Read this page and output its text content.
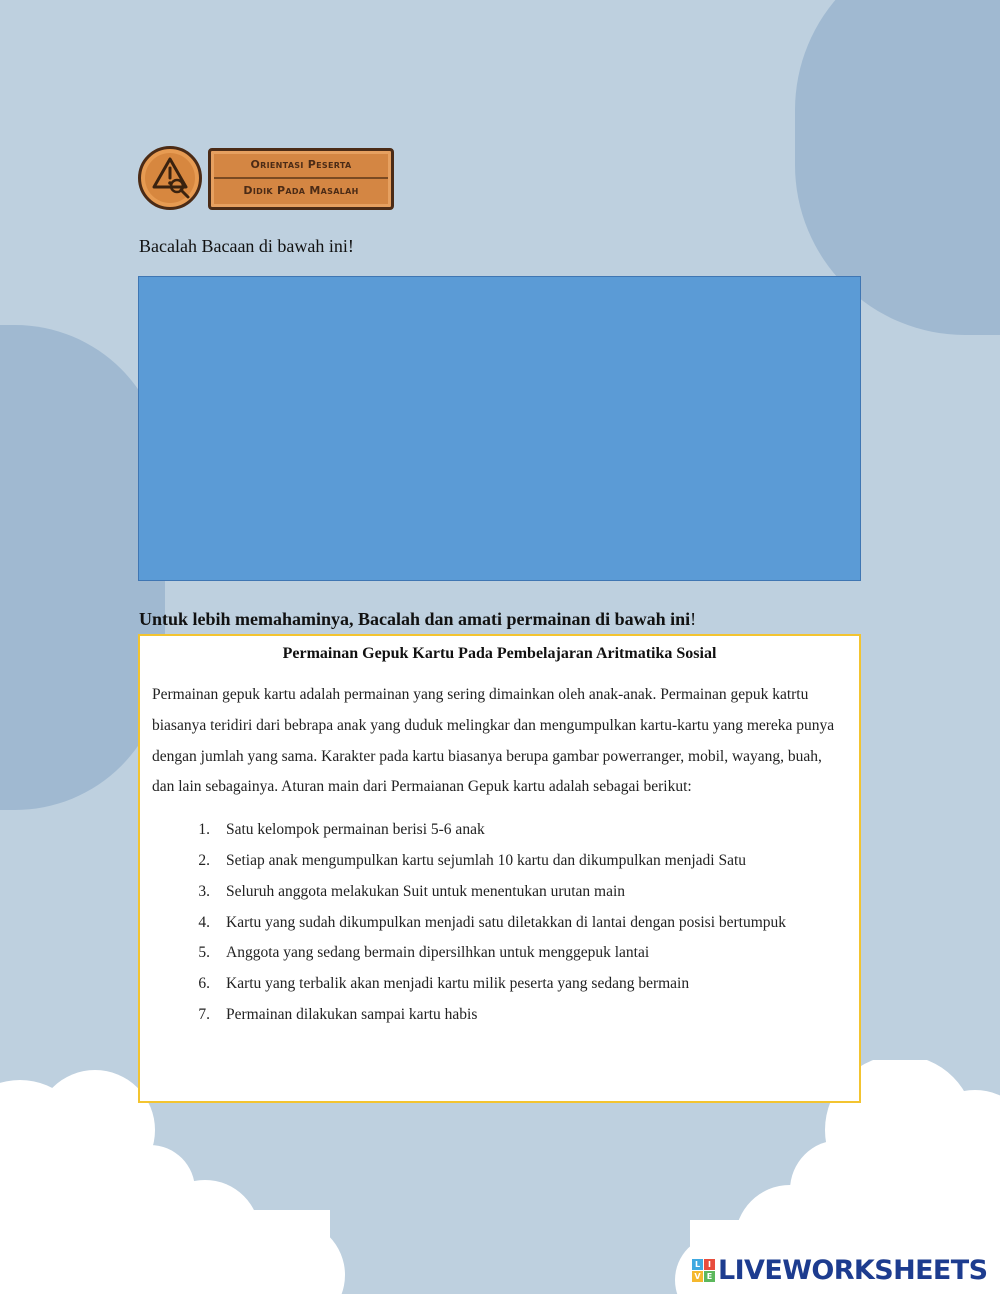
Orientasi Peserta
Didik Pada Masalah
Bacalah Bacaan di bawah ini!
Untuk lebih memahaminya, Bacalah dan amati permainan di bawah ini!
Permainan Gepuk Kartu Pada Pembelajaran Aritmatika Sosial
Permainan gepuk kartu adalah permainan yang sering dimainkan oleh anak-anak. Permainan gepuk katrtu biasanya teridiri dari bebrapa anak yang duduk melingkar dan mengumpulkan kartu-kartu yang mereka punya dengan jumlah yang sama. Karakter pada kartu biasanya berupa gambar powerranger, mobil, wayang, buah, dan lain sebagainya. Aturan main dari Permaianan Gepuk kartu adalah sebagai berikut:
1.	Satu kelompok permainan berisi 5-6 anak
2.	Setiap anak mengumpulkan kartu sejumlah 10 kartu dan dikumpulkan menjadi Satu
3.	Seluruh anggota melakukan Suit untuk menentukan urutan main
4.	Kartu yang sudah dikumpulkan menjadi satu diletakkan di lantai dengan posisi bertumpuk
5.	Anggota yang sedang bermain dipersilhkan untuk menggepuk lantai
6.	Kartu yang terbalik akan menjadi kartu milik peserta yang sedang bermain
7.	Permainan dilakukan sampai kartu habis
L I
V E LIVEWORKSHEETS
